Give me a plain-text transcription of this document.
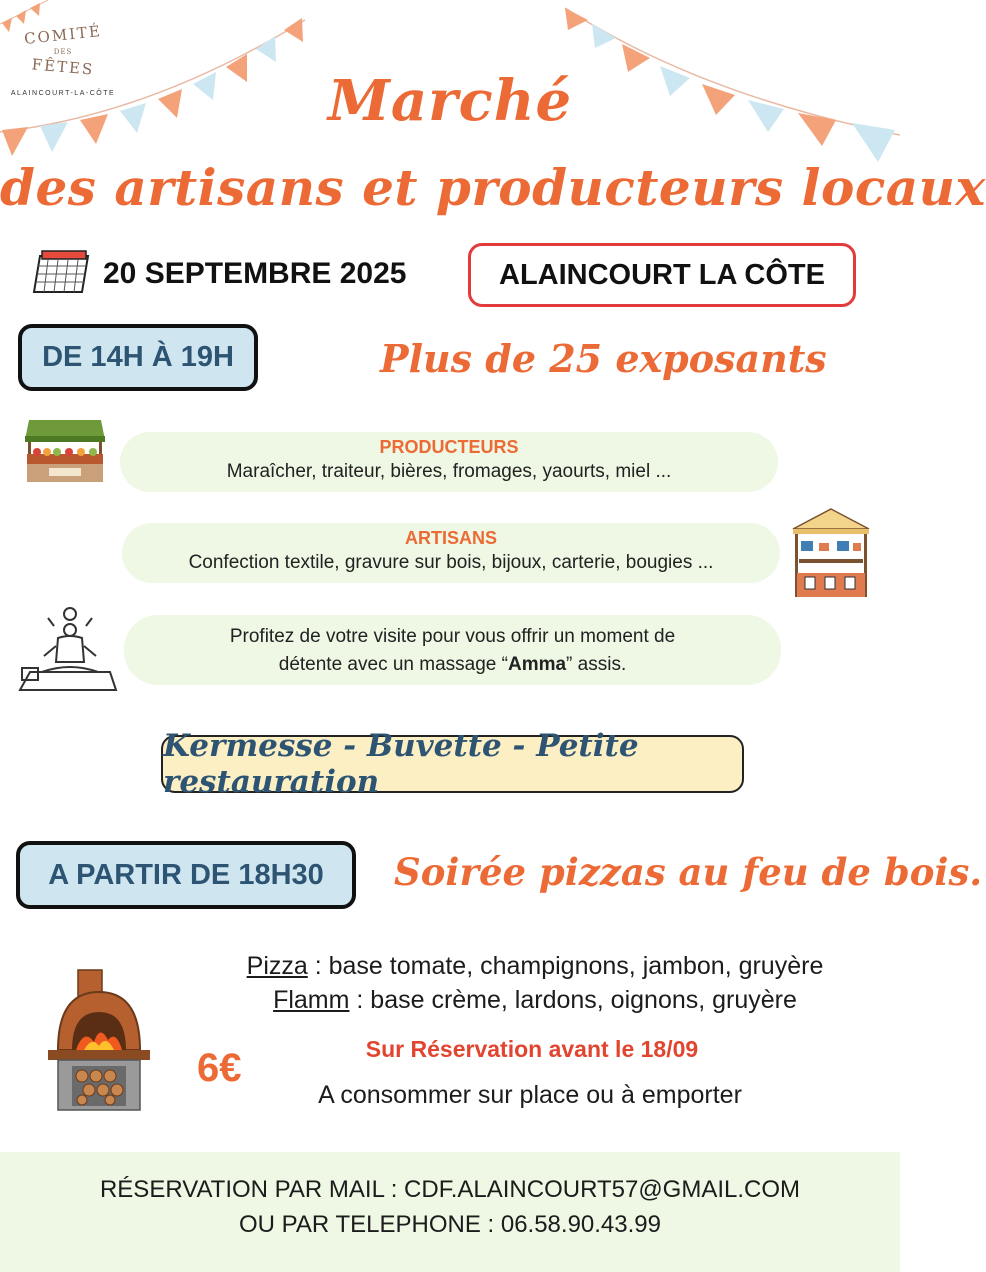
COMITÉ
DES
FÊTES
ALAINCOURT-LA-CÔTE	Marché
des artisans et producteurs locaux
20 SEPTEMBRE 2025	ALAINCOURT LA CÔTE
DE 14H À 19H	Plus de 25 exposants
PRODUCTEURS
Maraîcher, traiteur, bières, fromages, yaourts, miel ...
ARTISANS
Confection textile, gravure sur bois, bijoux, carterie, bougies ...
Profitez de votre visite pour vous offrir un moment de
détente avec un massage “Amma” assis.
Kermesse - Buvette - Petite restauration
A PARTIR DE 18H30 Soirée pizzas au feu de bois.
Pizza : base tomate, champignons, jambon, gruyère
Flamm : base crème, lardons, oignons, gruyère
6€	Sur Réservation avant le 18/09
A consommer sur place ou à emporter
RÉSERVATION PAR MAIL : CDF.ALAINCOURT57@GMAIL.COM
OU PAR TELEPHONE : 06.58.90.43.99
